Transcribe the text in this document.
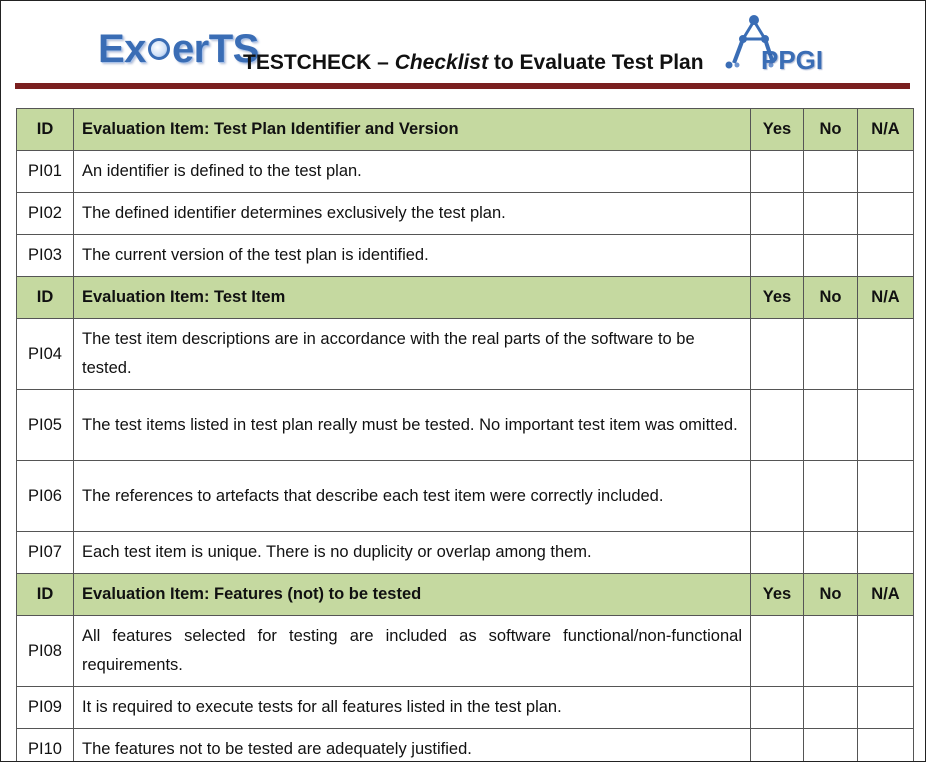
Ex erTS
TESTCHECK – Checklist to Evaluate Test Plan PPGI
ID	Evaluation Item: Test Plan Identifier and Version	Yes	No	N/A
PI01	An identifier is defined to the test plan.			
PI02	The defined identifier determines exclusively the test plan.			
PI03	The current version of the test plan is identified.			
ID	Evaluation Item: Test Item	Yes	No	N/A
PI04	The test item descriptions are in accordance with the real parts of the software to be tested.			
PI05	The test items listed in test plan really must be tested. No important test item was omitted.			
PI06	The references to artefacts that describe each test item were correctly included.			
PI07	Each test item is unique. There is no duplicity or overlap among them.			
ID	Evaluation Item: Features (not) to be tested	Yes	No	N/A
PI08	All features selected for testing are included as software functional/non-functional requirements.			
PI09	It is required to execute tests for all features listed in the test plan.			
PI10	The features not to be tested are adequately justified.			
